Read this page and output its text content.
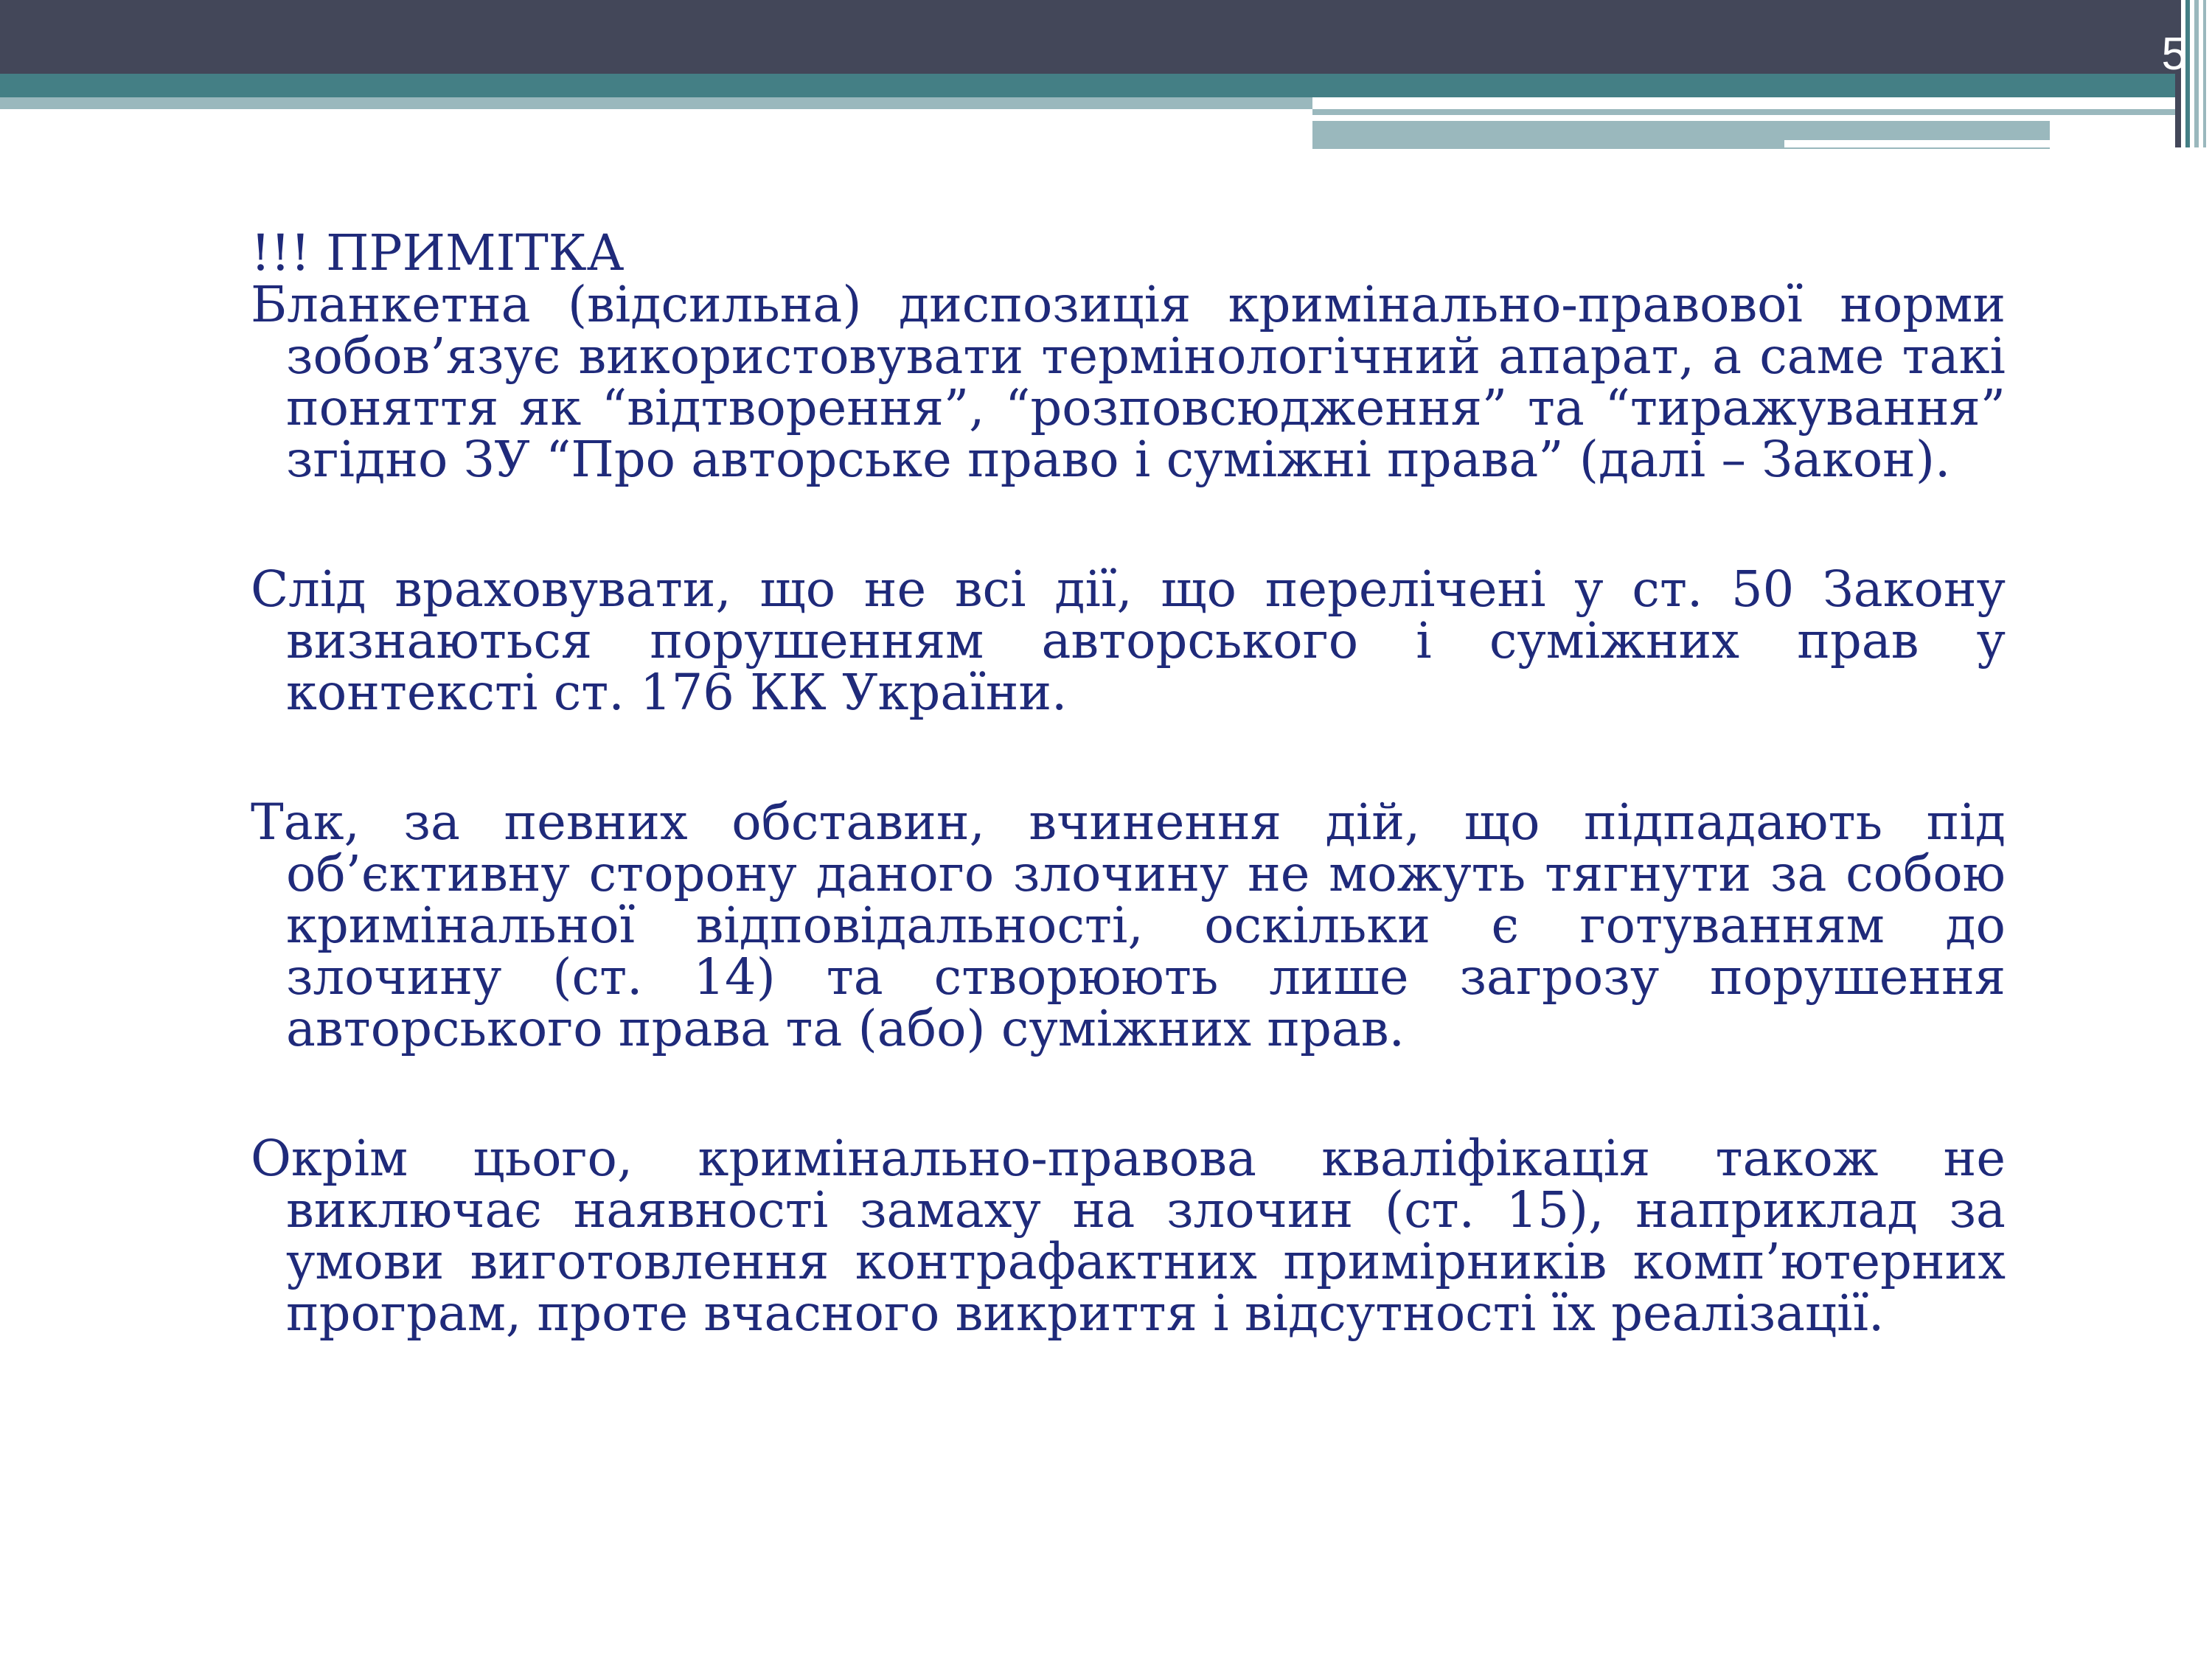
5

!!! ПРИМІТКА

Бланкетна (відсильна) диспозиція кримінально-правової норми зобов’язує використовувати термінологічний апарат, а саме такі поняття як “відтворення”, “розповсюдження” та “тиражування” згідно ЗУ “Про авторське право і суміжні права” (далі – Закон).

Слід враховувати, що не всі дії, що перелічені у ст. 50 Закону визнаються порушенням авторського і суміжних прав у контексті ст. 176 КК України.

Так, за певних обставин, вчинення дій, що підпадають під об’єктивну сторону даного злочину не можуть тягнути за собою кримінальної відповідальності, оскільки є готуванням до злочину (ст. 14) та створюють лише загрозу порушення авторського права та (або) суміжних прав.

Окрім цього, кримінально-правова кваліфікація також не виключає наявності замаху на злочин (ст. 15), наприклад за умови виготовлення контрафактних примірників комп’ютерних програм, проте вчасного викриття і відсутності їх реалізації.
